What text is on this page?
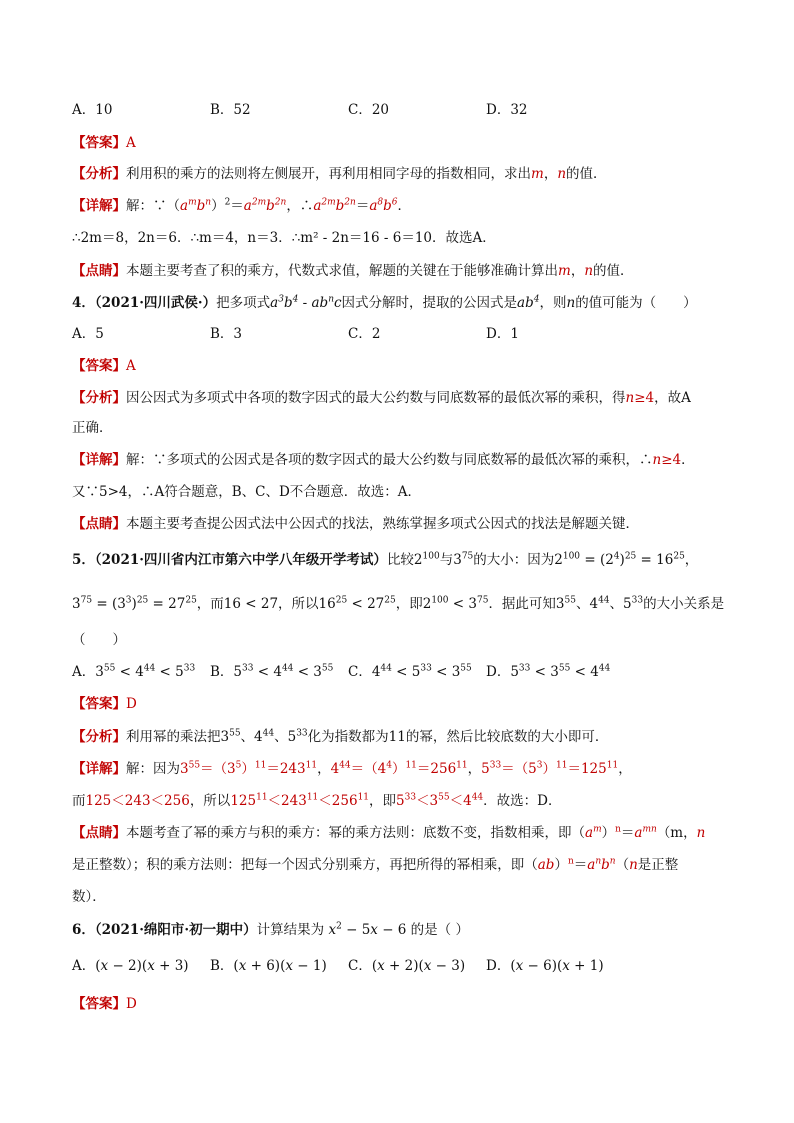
A．10	B．52	C．20	D．32
【答案】A
【分析】利用积的乘方的法则将左侧展开，再利用相同字母的指数相同，求出m，n的值．
【详解】解：$\because(a^mb^n)^2=a^{2m}b^{2n}$，$\therefore a^{2m}b^{2n}=a^8b^6$．
∴2m＝8，2n＝6．∴m＝4，n＝3．∴m² - 2n＝16 - 6＝10．故选A．
【点睛】本题主要考查了积的乘方，代数式求值，解题的关键在于能够准确计算出m，n的值．
4．（2021·四川武侯·）把多项式$a^3b^4 - ab^nc$因式分解时，提取的公因式是$ab^4$，则n的值可能为（　　）
A．5	B．3	C．2	D．1
【答案】A
【分析】因公因式为多项式中各项的数字因式的最大公约数与同底数幂的最低次幂的乘积，得n≥4，故A
正确．
【详解】解：∵多项式的公因式是各项的数字因式的最大公约数与同底数幂的最低次幂的乘积，∴n≥4．
又∵5>4，∴A符合题意，B、C、D不合题意．故选：A．
【点睛】本题主要考查提公因式法中公因式的找法，熟练掌握多项式公因式的找法是解题关键．
5．（2021·四川省内江市第六中学八年级开学考试）比较$2^{100}$与$3^{75}$的大小：因为$2^{100} = (2^4)^{25} = 16^{25}$，
$3^{75} = (3^3)^{25} = 27^{25}$，而16 < 27，所以$16^{25} < 27^{25}$，即$2^{100} < 3^{75}$．据此可知$3^{55}$、$4^{44}$、$5^{33}$的大小关系是
（　　）
A．$3^{55} < 4^{44} < 5^{33}$ B．$5^{33} < 4^{44} < 3^{55}$ C．$4^{44} < 5^{33} < 3^{55}$ D．$5^{33} < 3^{55} < 4^{44}$
【答案】D
【分析】利用幂的乘法把$3^{55}$、$4^{44}$、$5^{33}$化为指数都为11的幂，然后比较底数的大小即可．
【详解】解：因为$3^{55}=(3^5)^{11}=243^{11}$，$4^{44}=(4^4)^{11}=256^{11}$，$5^{33}=(5^3)^{11}=125^{11}$，
而125＜243＜256，所以$125^{11}<243^{11}<256^{11}$，即$5^{33}<3^{55}<4^{44}$．故选：D．
【点睛】本题考查了幂的乘方与积的乘方：幂的乘方法则：底数不变，指数相乘，即$(a^m)^n=a^{mn}(m$，n
是正整数）；积的乘方法则：把每一个因式分别乘方，再把所得的幂相乘，即$(ab)^n=a^nb^n(n$是正整
数）．
6．（2021·绵阳市·初一期中）计算结果为 $x^2 - 5x - 6$ 的是（ ）
A．(x − 2)(x + 3) B．(x + 6)(x − 1) C．(x + 2)(x − 3) D．(x − 6)(x + 1)
【答案】D
